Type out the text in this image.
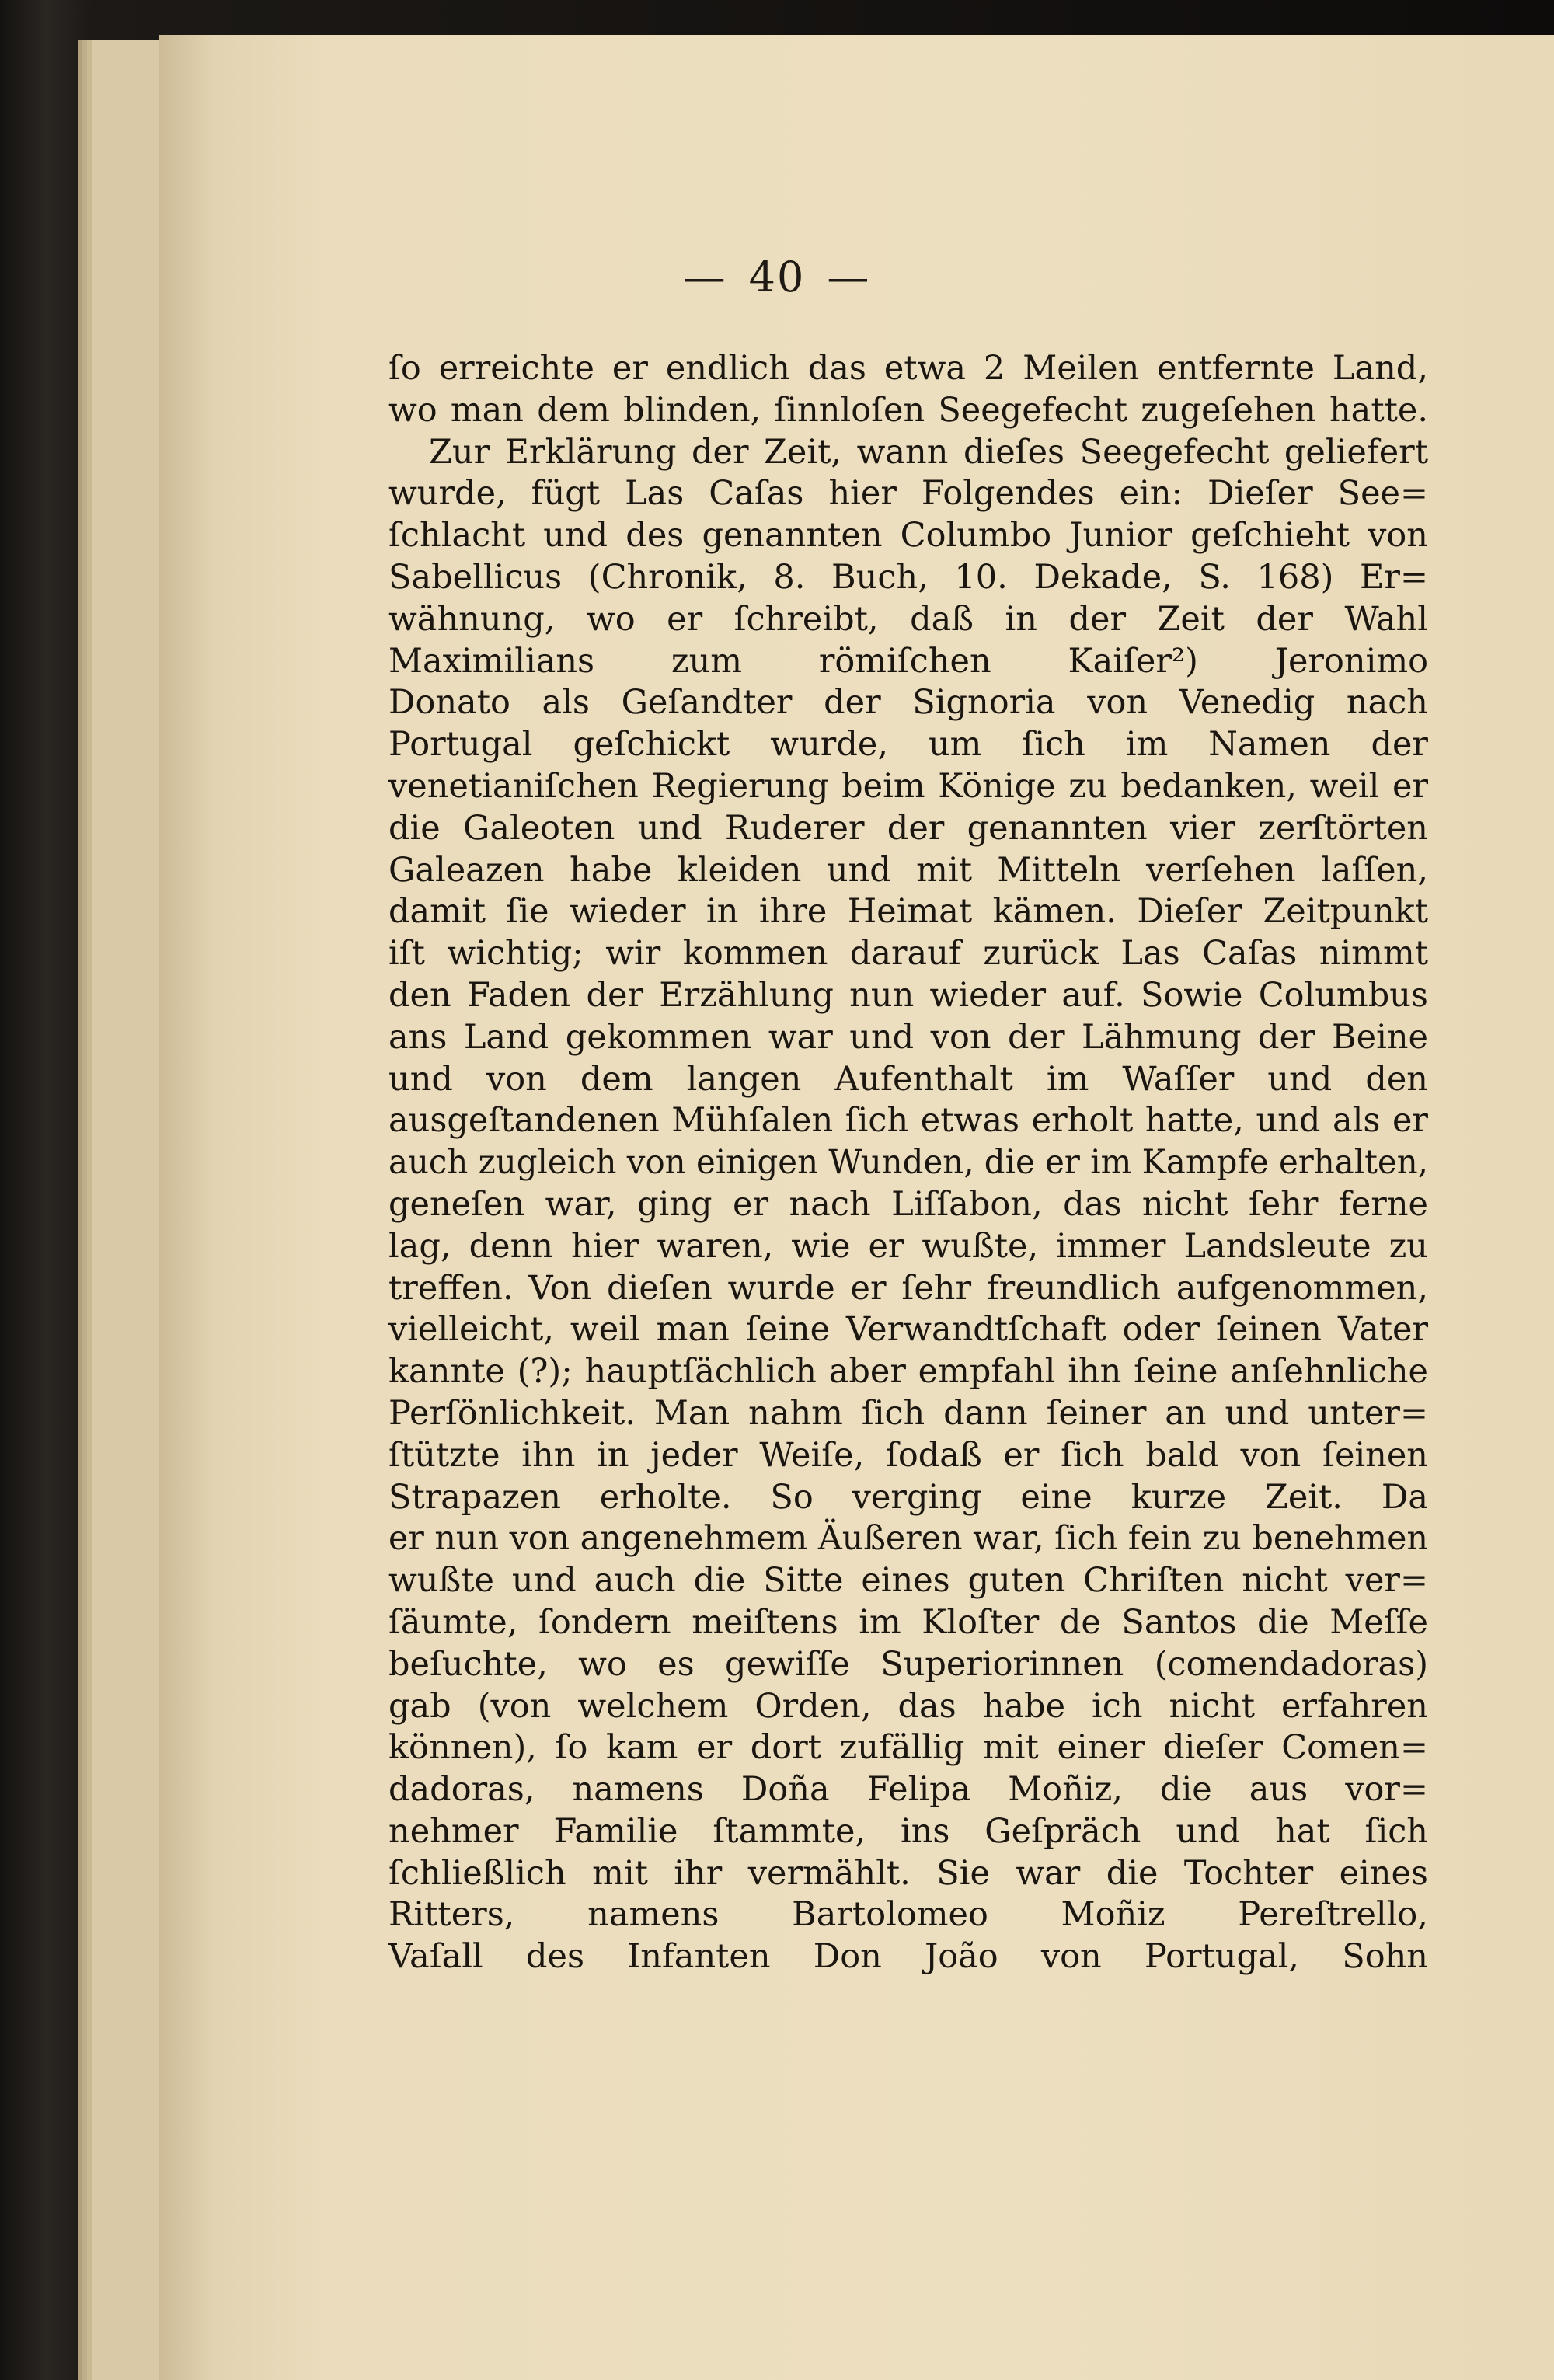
— 40 —
ſo erreichte er endlich das etwa 2 Meilen entfernte Land,
wo man dem blinden, ſinnloſen Seegefecht zugeſehen hatte.
Zur Erklärung der Zeit, wann dieſes Seegefecht geliefert
wurde, fügt Las Caſas hier Folgendes ein: Dieſer See=
ſchlacht und des genannten Columbo Junior geſchieht von
Sabellicus (Chronik, 8. Buch, 10. Dekade, S. 168) Er=
wähnung, wo er ſchreibt, daß in der Zeit der Wahl
Maximilians zum römiſchen Kaiſer²) Jeronimo
Donato als Geſandter der Signoria von Venedig nach
Portugal geſchickt wurde, um ſich im Namen der
venetianiſchen Regierung beim Könige zu bedanken, weil er
die Galeoten und Ruderer der genannten vier zerſtörten
Galeazen habe kleiden und mit Mitteln verſehen laſſen,
damit ſie wieder in ihre Heimat kämen. Dieſer Zeitpunkt
iſt wichtig; wir kommen darauf zurück Las Caſas nimmt
den Faden der Erzählung nun wieder auf. Sowie Columbus
ans Land gekommen war und von der Lähmung der Beine
und von dem langen Aufenthalt im Waſſer und den
ausgeſtandenen Mühſalen ſich etwas erholt hatte, und als er
auch zugleich von einigen Wunden, die er im Kampfe erhalten,
geneſen war, ging er nach Liſſabon, das nicht ſehr ferne
lag, denn hier waren, wie er wußte, immer Landsleute zu
treffen. Von dieſen wurde er ſehr freundlich aufgenommen,
vielleicht, weil man ſeine Verwandtſchaft oder ſeinen Vater
kannte (?); hauptſächlich aber empfahl ihn ſeine anſehnliche
Perſönlichkeit. Man nahm ſich dann ſeiner an und unter=
ſtützte ihn in jeder Weiſe, ſodaß er ſich bald von ſeinen
Strapazen erholte. So verging eine kurze Zeit. Da
er nun von angenehmem Äußeren war, ſich fein zu benehmen
wußte und auch die Sitte eines guten Chriſten nicht ver=
ſäumte, ſondern meiſtens im Kloſter de Santos die Meſſe
beſuchte, wo es gewiſſe Superiorinnen (comendadoras)
gab (von welchem Orden, das habe ich nicht erfahren
können), ſo kam er dort zufällig mit einer dieſer Comen=
dadoras, namens Doña Felipa Moñiz, die aus vor=
nehmer Familie ſtammte, ins Geſpräch und hat ſich
ſchließlich mit ihr vermählt. Sie war die Tochter eines
Ritters, namens Bartolomeo Moñiz Pereſtrello,
Vaſall des Infanten Don João von Portugal, Sohn
